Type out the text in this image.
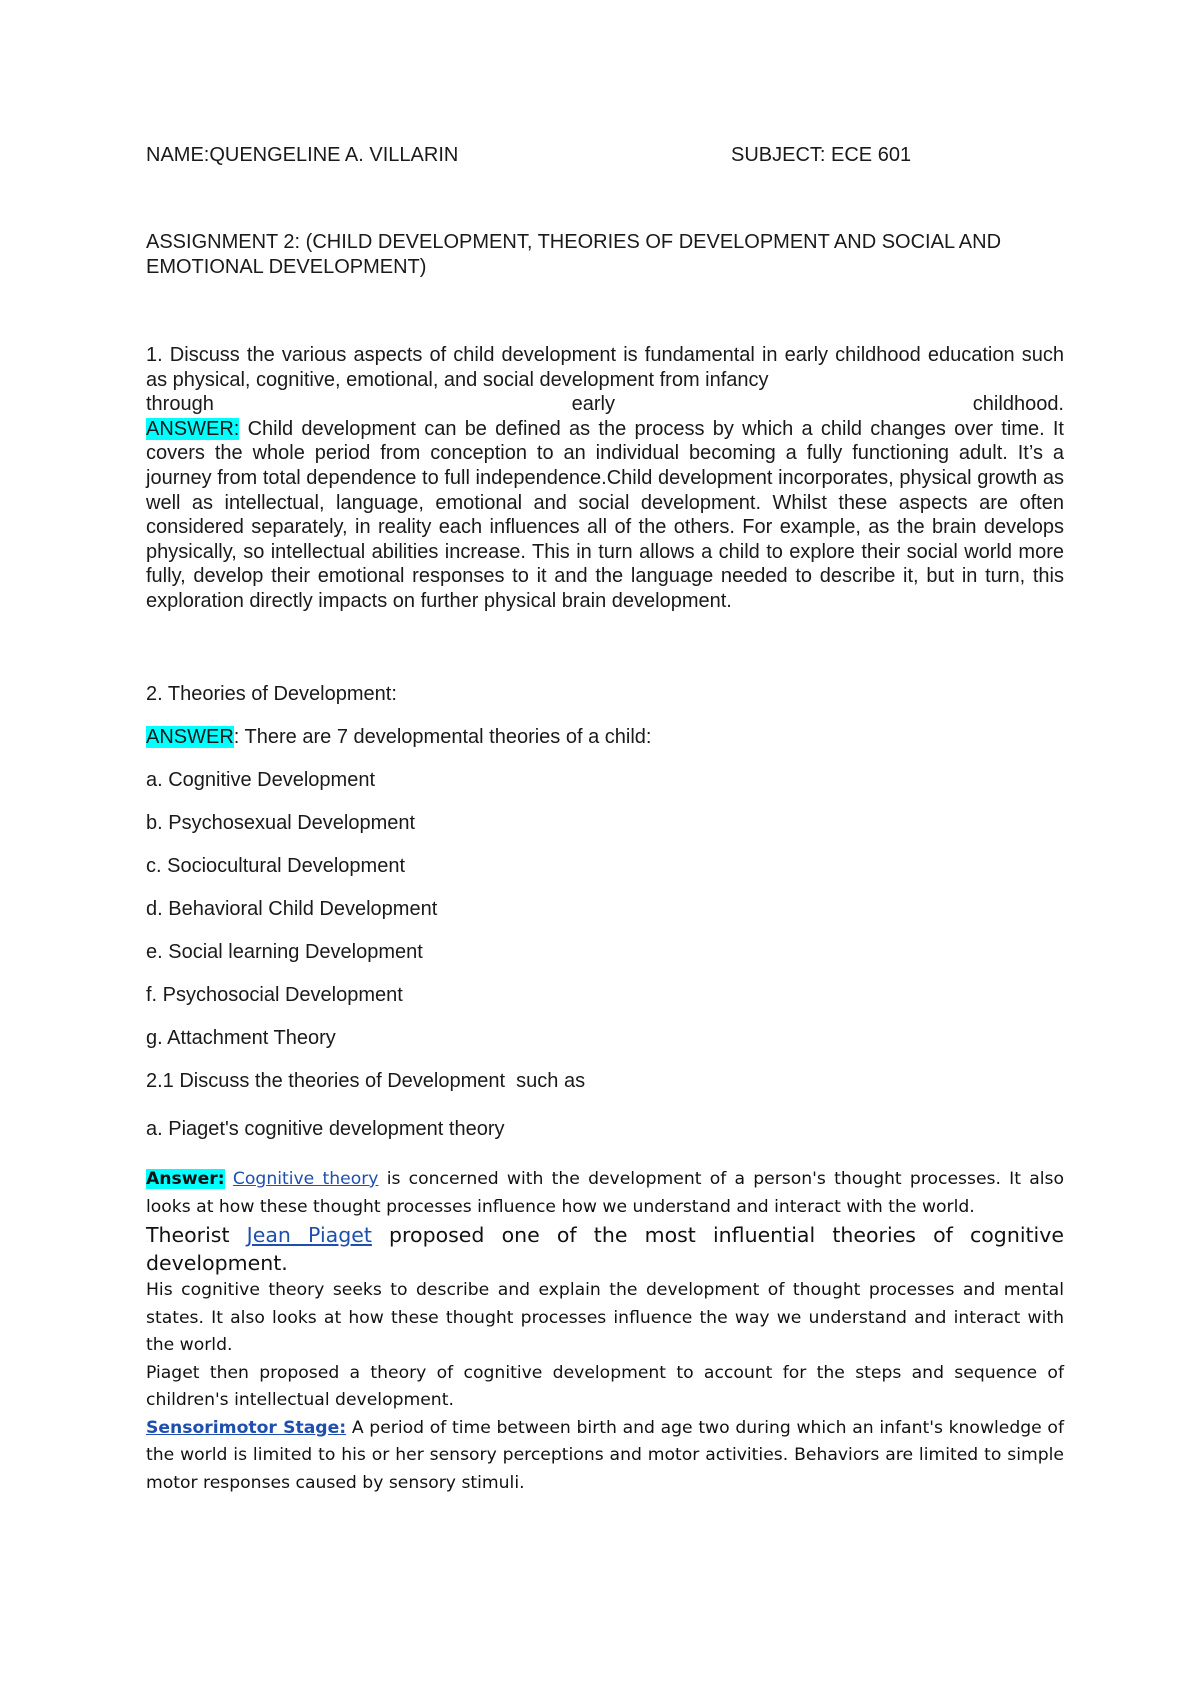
NAME:QUENGELINE A. VILLARIN	SUBJECT: ECE 601
ASSIGNMENT 2: (CHILD DEVELOPMENT, THEORIES OF DEVELOPMENT AND SOCIAL AND EMOTIONAL DEVELOPMENT)
1. Discuss the various aspects of child development is fundamental in early childhood education such as physical, cognitive, emotional, and social development from infancy
through early childhood.
ANSWER: Child development can be defined as the process by which a child changes over time. It covers the whole period from conception to an individual becoming a fully functioning adult. It’s a journey from total dependence to full independence.Child development incorporates, physical growth as well as intellectual, language, emotional and social development. Whilst these aspects are often considered separately, in reality each influences all of the others. For example, as the brain develops physically, so intellectual abilities increase. This in turn allows a child to explore their social world more fully, develop their emotional responses to it and the language needed to describe it, but in turn, this exploration directly impacts on further physical brain development.
2. Theories of Development:
ANSWER: There are 7 developmental theories of a child:
a. Cognitive Development
b. Psychosexual Development
c. Sociocultural Development
d. Behavioral Child Development
e. Social learning Development
f. Psychosocial Development
g. Attachment Theory
2.1 Discuss the theories of Development  such as
a. Piaget's cognitive development theory
Answer: Cognitive theory is concerned with the development of a person's thought processes. It also looks at how these thought processes influence how we understand and interact with the world.
Theorist Jean Piaget proposed one of the most influential theories of cognitive development.
His cognitive theory seeks to describe and explain the development of thought processes and mental states. It also looks at how these thought processes influence the way we understand and interact with the world.
Piaget then proposed a theory of cognitive development to account for the steps and sequence of children's intellectual development.
Sensorimotor Stage: A period of time between birth and age two during which an infant's knowledge of the world is limited to his or her sensory perceptions and motor activities. Behaviors are limited to simple motor responses caused by sensory stimuli.
